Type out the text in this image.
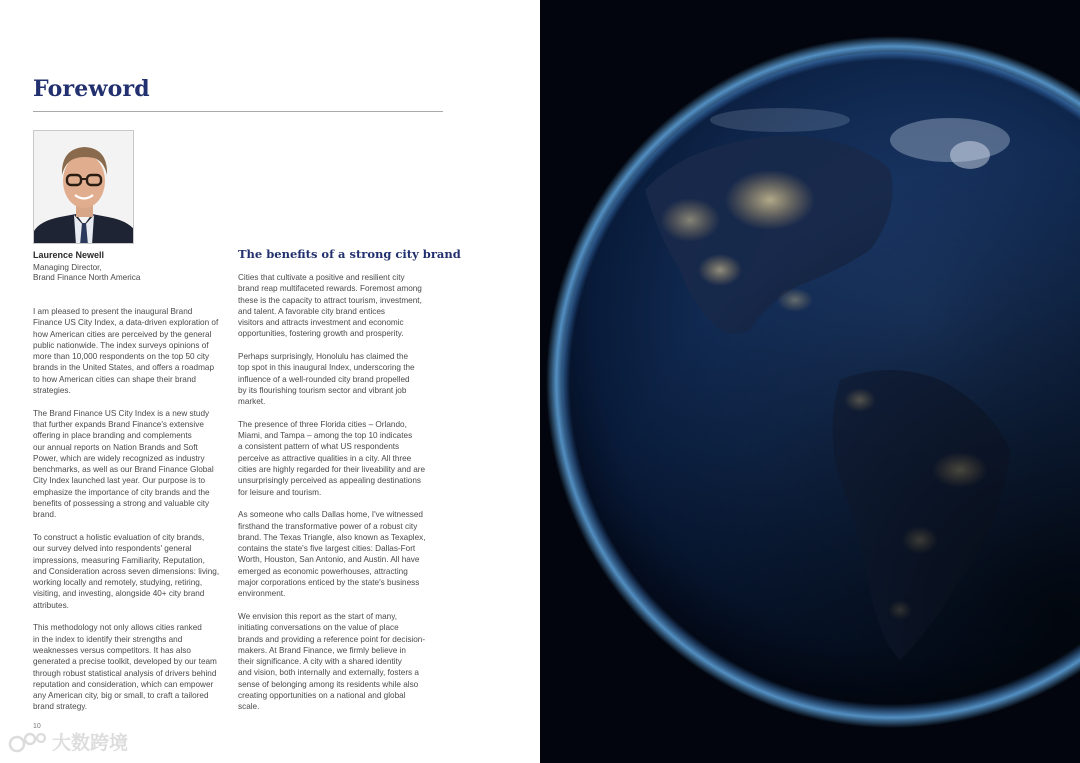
Foreword
Laurence Newell
Managing Director,
Brand Finance North America

I am pleased to present the inaugural Brand
Finance US City Index, a data-driven exploration of
how American cities are perceived by the general
public nationwide. The index surveys opinions of
more than 10,000 respondents on the top 50 city
brands in the United States, and offers a roadmap
to how American cities can shape their brand
strategies.

The Brand Finance US City Index is a new study
that further expands Brand Finance's extensive
offering in place branding and complements
our annual reports on Nation Brands and Soft
Power, which are widely recognized as industry
benchmarks, as well as our Brand Finance Global
City Index launched last year. Our purpose is to
emphasize the importance of city brands and the
benefits of possessing a strong and valuable city
brand.

To construct a holistic evaluation of city brands,
our survey delved into respondents' general
impressions, measuring Familiarity, Reputation,
and Consideration across seven dimensions: living,
working locally and remotely, studying, retiring,
visiting, and investing, alongside 40+ city brand
attributes.

This methodology not only allows cities ranked
in the index to identify their strengths and
weaknesses versus competitors. It has also
generated a precise toolkit, developed by our team
through robust statistical analysis of drivers behind
reputation and consideration, which can empower
any American city, big or small, to craft a tailored
brand strategy.

The benefits of a strong city brand

Cities that cultivate a positive and resilient city
brand reap multifaceted rewards. Foremost among
these is the capacity to attract tourism, investment,
and talent. A favorable city brand entices
visitors and attracts investment and economic
opportunities, fostering growth and prosperity.

Perhaps surprisingly, Honolulu has claimed the
top spot in this inaugural Index, underscoring the
influence of a well-rounded city brand propelled
by its flourishing tourism sector and vibrant job
market.

The presence of three Florida cities – Orlando,
Miami, and Tampa – among the top 10 indicates
a consistent pattern of what US respondents
perceive as attractive qualities in a city. All three
cities are highly regarded for their liveability and are
unsurprisingly perceived as appealing destinations
for leisure and tourism.

As someone who calls Dallas home, I've witnessed
firsthand the transformative power of a robust city
brand. The Texas Triangle, also known as Texaplex,
contains the state's five largest cities: Dallas-Fort
Worth, Houston, San Antonio, and Austin. All have
emerged as economic powerhouses, attracting
major corporations enticed by the state's business
environment.

We envision this report as the start of many,
initiating conversations on the value of place
brands and providing a reference point for decision-
makers. At Brand Finance, we firmly believe in
their significance. A city with a shared identity
and vision, both internally and externally, fosters a
sense of belonging among its residents while also
creating opportunities on a national and global
scale.

10
大数跨境
